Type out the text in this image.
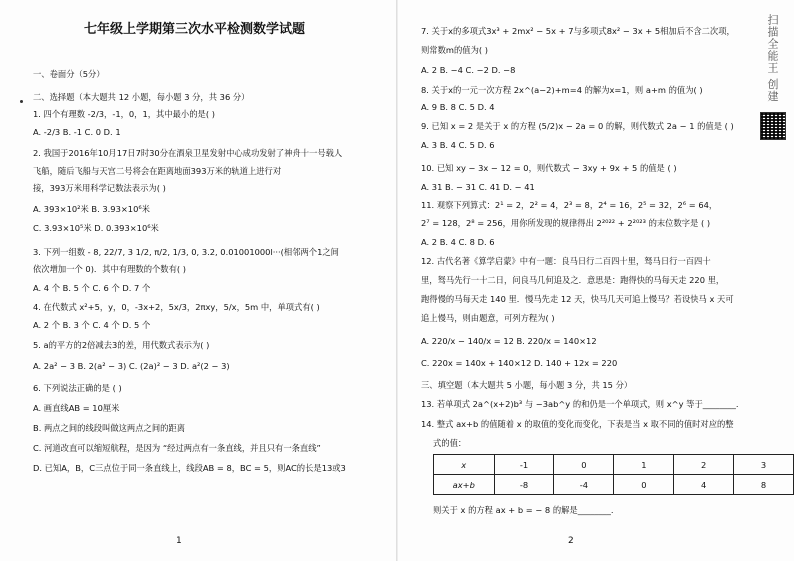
七年级上学期第三次水平检测数学试题
一、卷面分（5分）
二、选择题（本大题共 12 小题，每小题 3 分，共 36 分）
1. 四个有理数 -2/3，-1，0，1，其中最小的是( )
A. -2/3 B. -1 C. 0 D. 1
2. 我国于2016年10月17日7时30分在酒泉卫星发射中心成功发射了神舟十一号载人
飞船，随后飞船与天宫二号将会在距离地面393万米的轨道上进行对
接，393万米用科学记数法表示为( )
A. 393×10²米 B. 3.93×10⁶米
C. 3.93×10⁵米 D. 0.393×10⁶米
3. 下列一组数 - 8, 22/7, 3 1/2, π/2, 1/3, 0, 3.2, 0.01001000l···(相邻两个1之间
依次增加一个 0)．其中有理数的个数有( )
A. 4 个 B. 5 个 C. 6 个 D. 7 个
4. 在代数式 x²+5，y，0，-3x+2，5x/3，2πxy，5/x，5m 中，单项式有( )
A. 2 个 B. 3 个 C. 4 个 D. 5 个
5. a的平方的2倍减去3的差，用代数式表示为( )
A. 2a² − 3 B. 2(a² − 3) C. (2a)² − 3 D. a²(2 − 3)
6. 下列说法正确的是 ( )
A. 画直线AB = 10厘米
B. 两点之间的线段叫做这两点之间的距离
C. 河道改直可以缩短航程，是因为 “经过两点有一条直线，并且只有一条直线”
D. 已知A，B，C三点位于同一条直线上，线段AB = 8，BC = 5，则AC的长是13或3
1
7. 关于x的多项式3x³ + 2mx² − 5x + 7与多项式8x² − 3x + 5相加后不含二次项，
则常数m的值为( )
A. 2 B. −4 C. −2 D. −8
8. 关于x的一元一次方程 2x^(a−2)+m=4 的解为x=1，则 a+m 的值为( )
A. 9 B. 8 C. 5 D. 4
9. 已知 x = 2 是关于 x 的方程 (5/2)x − 2a = 0 的解，则代数式 2a − 1 的值是 ( )
A. 3 B. 4 C. 5 D. 6
10. 已知 xy − 3x − 12 = 0，则代数式 − 3xy + 9x + 5 的值是 ( )
A. 31 B. − 31 C. 41 D. − 41
11. 观察下列算式：2¹ = 2，2² = 4，2³ = 8，2⁴ = 16，2⁵ = 32，2⁶ = 64，
2⁷ = 128，2⁸ = 256，用你所发现的规律得出 2²⁰²² + 2²⁰²³ 的末位数字是 ( )
A. 2 B. 4 C. 8 D. 6
12. 古代名著《算学启蒙》中有一题：良马日行二百四十里，驽马日行一百四十
里，驽马先行一十二日，问良马几何追及之．意思是：跑得快的马每天走 220 里，
跑得慢的马每天走 140 里．慢马先走 12 天，快马几天可追上慢马？若设快马 x 天可
追上慢马，则由题意，可列方程为( )
A. 220/x − 140/x = 12 B. 220/x = 140×12
C. 220x = 140x + 140×12 D. 140 + 12x = 220
三、填空题（本大题共 5 小题，每小题 3 分，共 15 分）
13. 若单项式 2a^(x+2)b³ 与 −3ab^y 的和仍是一个单项式，则 x^y 等于________.
14. 整式 ax+b 的值随着 x 的取值的变化而变化，下表是当 x 取不同的值时对应的整
式的值：
x	-1	0	1	2	3
ax+b	-8	-4	0	4	8
则关于 x 的方程 ax + b = − 8 的解是________.
2
扫描全能王 创建
